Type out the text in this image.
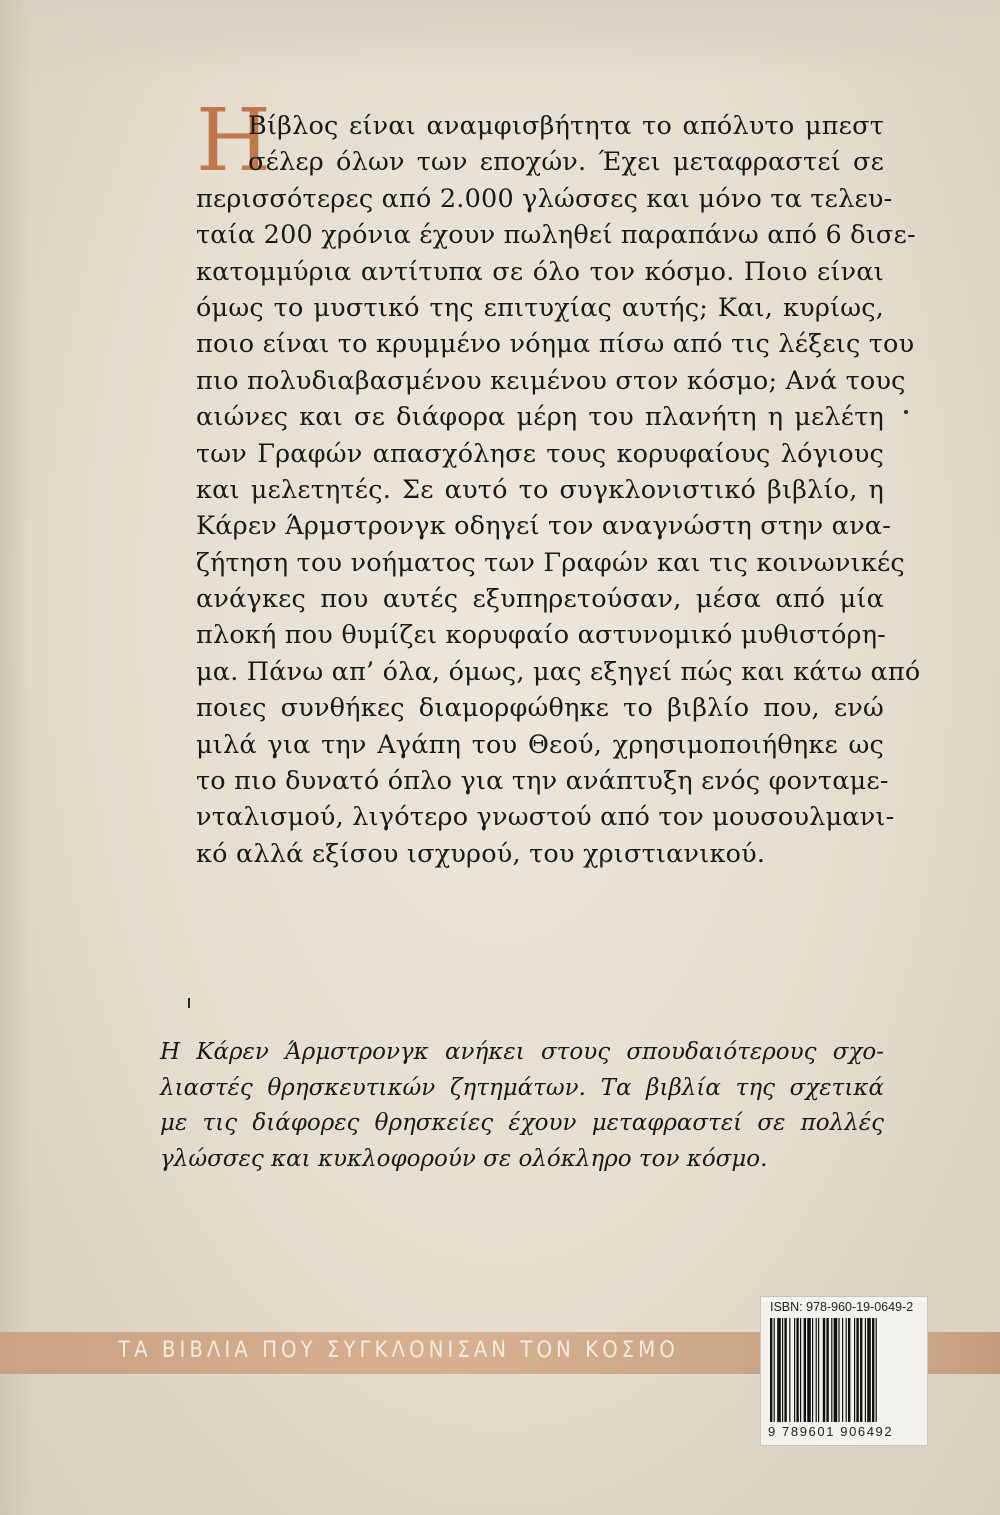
Η
Βίβλος είναι αναμφισβήτητα το απόλυτο μπεστ
σέλερ όλων των εποχών. Έχει μεταφραστεί σε
περισσότερες από 2.000 γλώσσες και μόνο τα τελευ-
ταία 200 χρόνια έχουν πωληθεί παραπάνω από 6 δισε-
κατομμύρια αντίτυπα σε όλο τον κόσμο. Ποιο είναι
όμως το μυστικό της επιτυχίας αυτής; Και, κυρίως,
ποιο είναι το κρυμμένο νόημα πίσω από τις λέξεις του
πιο πολυδιαβασμένου κειμένου στον κόσμο; Ανά τους
αιώνες και σε διάφορα μέρη του πλανήτη η μελέτη
των Γραφών απασχόλησε τους κορυφαίους λόγιους
και μελετητές. Σε αυτό το συγκλονιστικό βιβλίο, η
Κάρεν Άρμστρονγκ οδηγεί τον αναγνώστη στην ανα-
ζήτηση του νοήματος των Γραφών και τις κοινωνικές
ανάγκες που αυτές εξυπηρετούσαν, μέσα από μία
πλοκή που θυμίζει κορυφαίο αστυνομικό μυθιστόρη-
μα. Πάνω απ’ όλα, όμως, μας εξηγεί πώς και κάτω από
ποιες συνθήκες διαμορφώθηκε το βιβλίο που, ενώ
μιλά για την Αγάπη του Θεού, χρησιμοποιήθηκε ως
το πιο δυνατό όπλο για την ανάπτυξη ενός φονταμε-
νταλισμού, λιγότερο γνωστού από τον μουσουλμανι-
κό αλλά εξίσου ισχυρού, του χριστιανικού.
Η Κάρεν Άρμστρονγκ ανήκει στους σπουδαιότερους σχο-
λιαστές θρησκευτικών ζητημάτων. Τα βιβλία της σχετικά
με τις διάφορες θρησκείες έχουν μεταφραστεί σε πολλές
γλώσσες και κυκλοφορούν σε ολόκληρο τον κόσμο.
ΤΑ ΒΙΒΛΙΑ ΠΟΥ ΣΥΓΚΛΟΝΙΣΑΝ ΤΟΝ ΚΟΣΜΟ
ISBN: 978-960-19-0649-2
9 789601 906492
